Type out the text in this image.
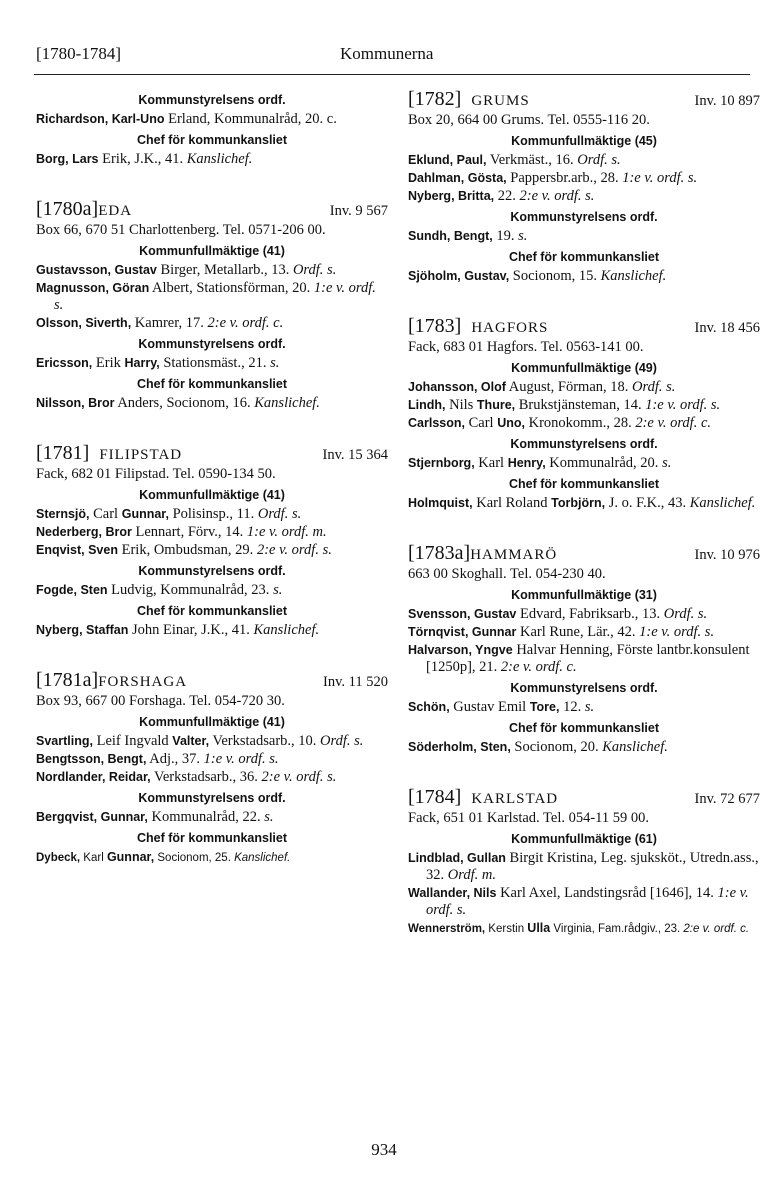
[1780-1784]	Kommunerna
Kommunstyrelsens ordf.
Richardson, Karl-Uno Erland, Kommunalråd, 20. c.
Chef för kommunkansliet
Borg, Lars Erik, J.K., 41. Kanslichef.
[1780a]EDA	Inv. 9 567
Box 66, 670 51 Charlottenberg. Tel. 0571-206 00.
Kommunfullmäktige (41)
Gustavsson, Gustav Birger, Metallarb., 13. Ordf. s.
Magnusson, Göran Albert, Stationsförman, 20. 1:e v. ordf. s.
Olsson, Siverth, Kamrer, 17. 2:e v. ordf. c.
Kommunstyrelsens ordf.
Ericsson, Erik Harry, Stationsmäst., 21. s.
Chef för kommunkansliet
Nilsson, Bror Anders, Socionom, 16. Kanslichef.
[1781] FILIPSTAD	Inv. 15 364
Fack, 682 01 Filipstad. Tel. 0590-134 50.
Kommunfullmäktige (41)
Sternsjö, Carl Gunnar, Polisinsp., 11. Ordf. s.
Nederberg, Bror Lennart, Förv., 14. 1:e v. ordf. m.
Enqvist, Sven Erik, Ombudsman, 29. 2:e v. ordf. s.
Kommunstyrelsens ordf.
Fogde, Sten Ludvig, Kommunalråd, 23. s.
Chef för kommunkansliet
Nyberg, Staffan John Einar, J.K., 41. Kanslichef.
[1781a]FORSHAGA	Inv. 11 520
Box 93, 667 00 Forshaga. Tel. 054-720 30.
Kommunfullmäktige (41)
Svartling, Leif Ingvald Valter, Verkstadsarb., 10. Ordf. s.
Bengtsson, Bengt, Adj., 37. 1:e v. ordf. s.
Nordlander, Reidar, Verkstadsarb., 36. 2:e v. ordf. s.
Kommunstyrelsens ordf.
Bergqvist, Gunnar, Kommunalråd, 22. s.
Chef för kommunkansliet
Dybeck, Karl Gunnar, Socionom, 25. Kanslichef.
[1782] GRUMS	Inv. 10 897
Box 20, 664 00 Grums. Tel. 0555-116 20.
Kommunfullmäktige (45)
Eklund, Paul, Verkmäst., 16. Ordf. s.
Dahlman, Gösta, Pappersbr.arb., 28. 1:e v. ordf. s.
Nyberg, Britta, 22. 2:e v. ordf. s.
Kommunstyrelsens ordf.
Sundh, Bengt, 19. s.
Chef för kommunkansliet
Sjöholm, Gustav, Socionom, 15. Kanslichef.
[1783] HAGFORS	Inv. 18 456
Fack, 683 01 Hagfors. Tel. 0563-141 00.
Kommunfullmäktige (49)
Johansson, Olof August, Förman, 18. Ordf. s.
Lindh, Nils Thure, Brukstjänsteman, 14. 1:e v. ordf. s.
Carlsson, Carl Uno, Kronokomm., 28. 2:e v. ordf. c.
Kommunstyrelsens ordf.
Stjernborg, Karl Henry, Kommunalråd, 20. s.
Chef för kommunkansliet
Holmquist, Karl Roland Torbjörn, J. o. F.K., 43. Kanslichef.
[1783a]HAMMARÖ	Inv. 10 976
663 00 Skoghall. Tel. 054-230 40.
Kommunfullmäktige (31)
Svensson, Gustav Edvard, Fabriksarb., 13. Ordf. s.
Törnqvist, Gunnar Karl Rune, Lär., 42. 1:e v. ordf. s.
Halvarson, Yngve Halvar Henning, Förste lantbr.konsulent [1250p], 21. 2:e v. ordf. c.
Kommunstyrelsens ordf.
Schön, Gustav Emil Tore, 12. s.
Chef för kommunkansliet
Söderholm, Sten, Socionom, 20. Kanslichef.
[1784] KARLSTAD	Inv. 72 677
Fack, 651 01 Karlstad. Tel. 054-11 59 00.
Kommunfullmäktige (61)
Lindblad, Gullan Birgit Kristina, Leg. sjuksköt., Utredn.ass., 32. Ordf. m.
Wallander, Nils Karl Axel, Landstingsråd [1646], 14. 1:e v. ordf. s.
Wennerström, Kerstin Ulla Virginia, Fam.rådgiv., 23. 2:e v. ordf. c.
934
